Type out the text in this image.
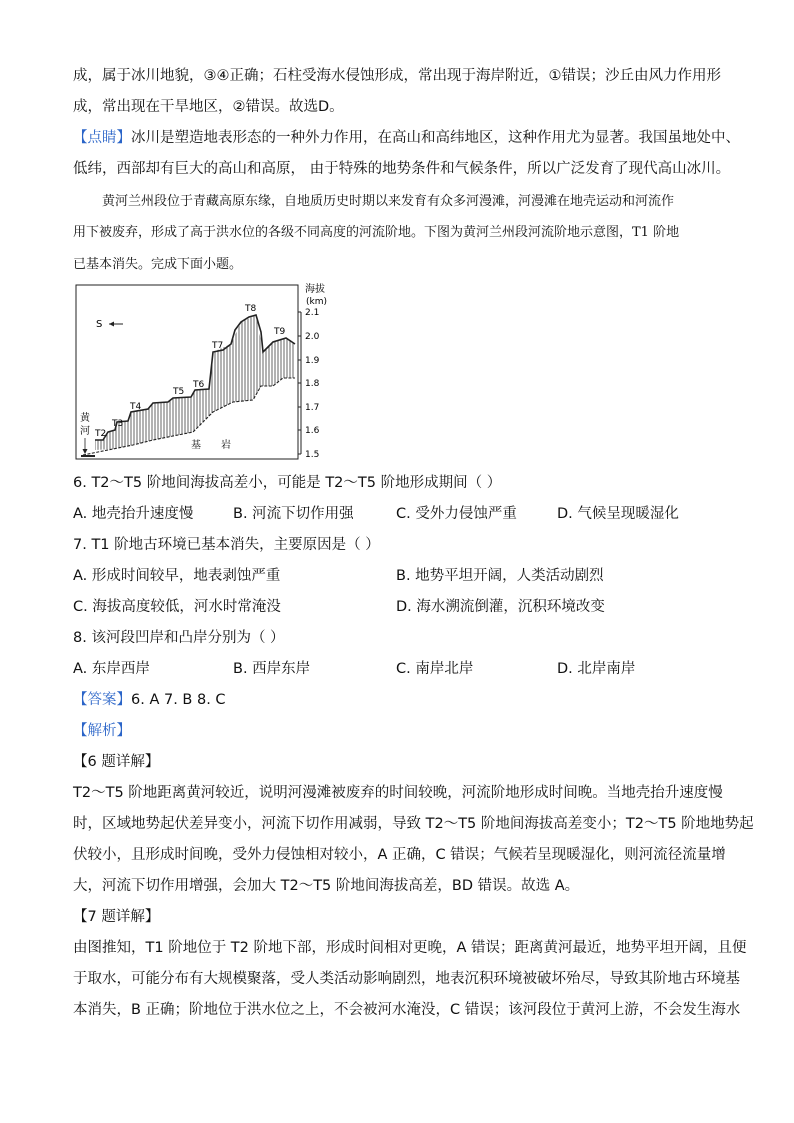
成，属于冰川地貌，③④正确；石柱受海水侵蚀形成，常出现于海岸附近，①错误；沙丘由风力作用形
成，常出现在干旱地区，②错误。故选D。
【点睛】冰川是塑造地表形态的一种外力作用，在高山和高纬地区，这种作用尤为显著。我国虽地处中、
低纬，西部却有巨大的高山和高原， 由于特殊的地势条件和气候条件，所以广泛发育了现代高山冰川。
黄河兰州段位于青藏高原东缘，自地质历史时期以来发育有众多河漫滩，河漫滩在地壳运动和河流作
用下被废弃，形成了高于洪水位的各级不同高度的河流阶地。下图为黄河兰州段河流阶地示意图，T1 阶地
已基本消失。完成下面小题。
海拔
(km)
2.1
2.0
1.9
1.8
1.7
1.6
1.5
T2
T3
T4
T5
T6
T7
T8
T9
S
黄
河
基 岩
6. T2～T5 阶地间海拔高差小，可能是 T2～T5 阶地形成期间（ ）
A. 地壳抬升速度慢	B. 河流下切作用强	C. 受外力侵蚀严重	D. 气候呈现暖湿化
7. T1 阶地古环境已基本消失，主要原因是（ ）
A. 形成时间较早，地表剥蚀严重	B. 地势平坦开阔，人类活动剧烈
C. 海拔高度较低，河水时常淹没	D. 海水溯流倒灌，沉积环境改变
8. 该河段凹岸和凸岸分别为（ ）
A. 东岸西岸	B. 西岸东岸	C. 南岸北岸	D. 北岸南岸
【答案】6. A 7. B 8. C
【解析】
【6 题详解】
T2～T5 阶地距离黄河较近，说明河漫滩被废弃的时间较晚，河流阶地形成时间晚。当地壳抬升速度慢
时，区域地势起伏差异变小，河流下切作用减弱，导致 T2～T5 阶地间海拔高差变小；T2～T5 阶地地势起
伏较小，且形成时间晚，受外力侵蚀相对较小，A 正确，C 错误；气候若呈现暖湿化，则河流径流量增
大，河流下切作用增强，会加大 T2～T5 阶地间海拔高差，BD 错误。故选 A。
【7 题详解】
由图推知，T1 阶地位于 T2 阶地下部，形成时间相对更晚，A 错误；距离黄河最近，地势平坦开阔，且便
于取水，可能分布有大规模聚落，受人类活动影响剧烈，地表沉积环境被破坏殆尽，导致其阶地古环境基
本消失，B 正确；阶地位于洪水位之上，不会被河水淹没，C 错误；该河段位于黄河上游，不会发生海水
